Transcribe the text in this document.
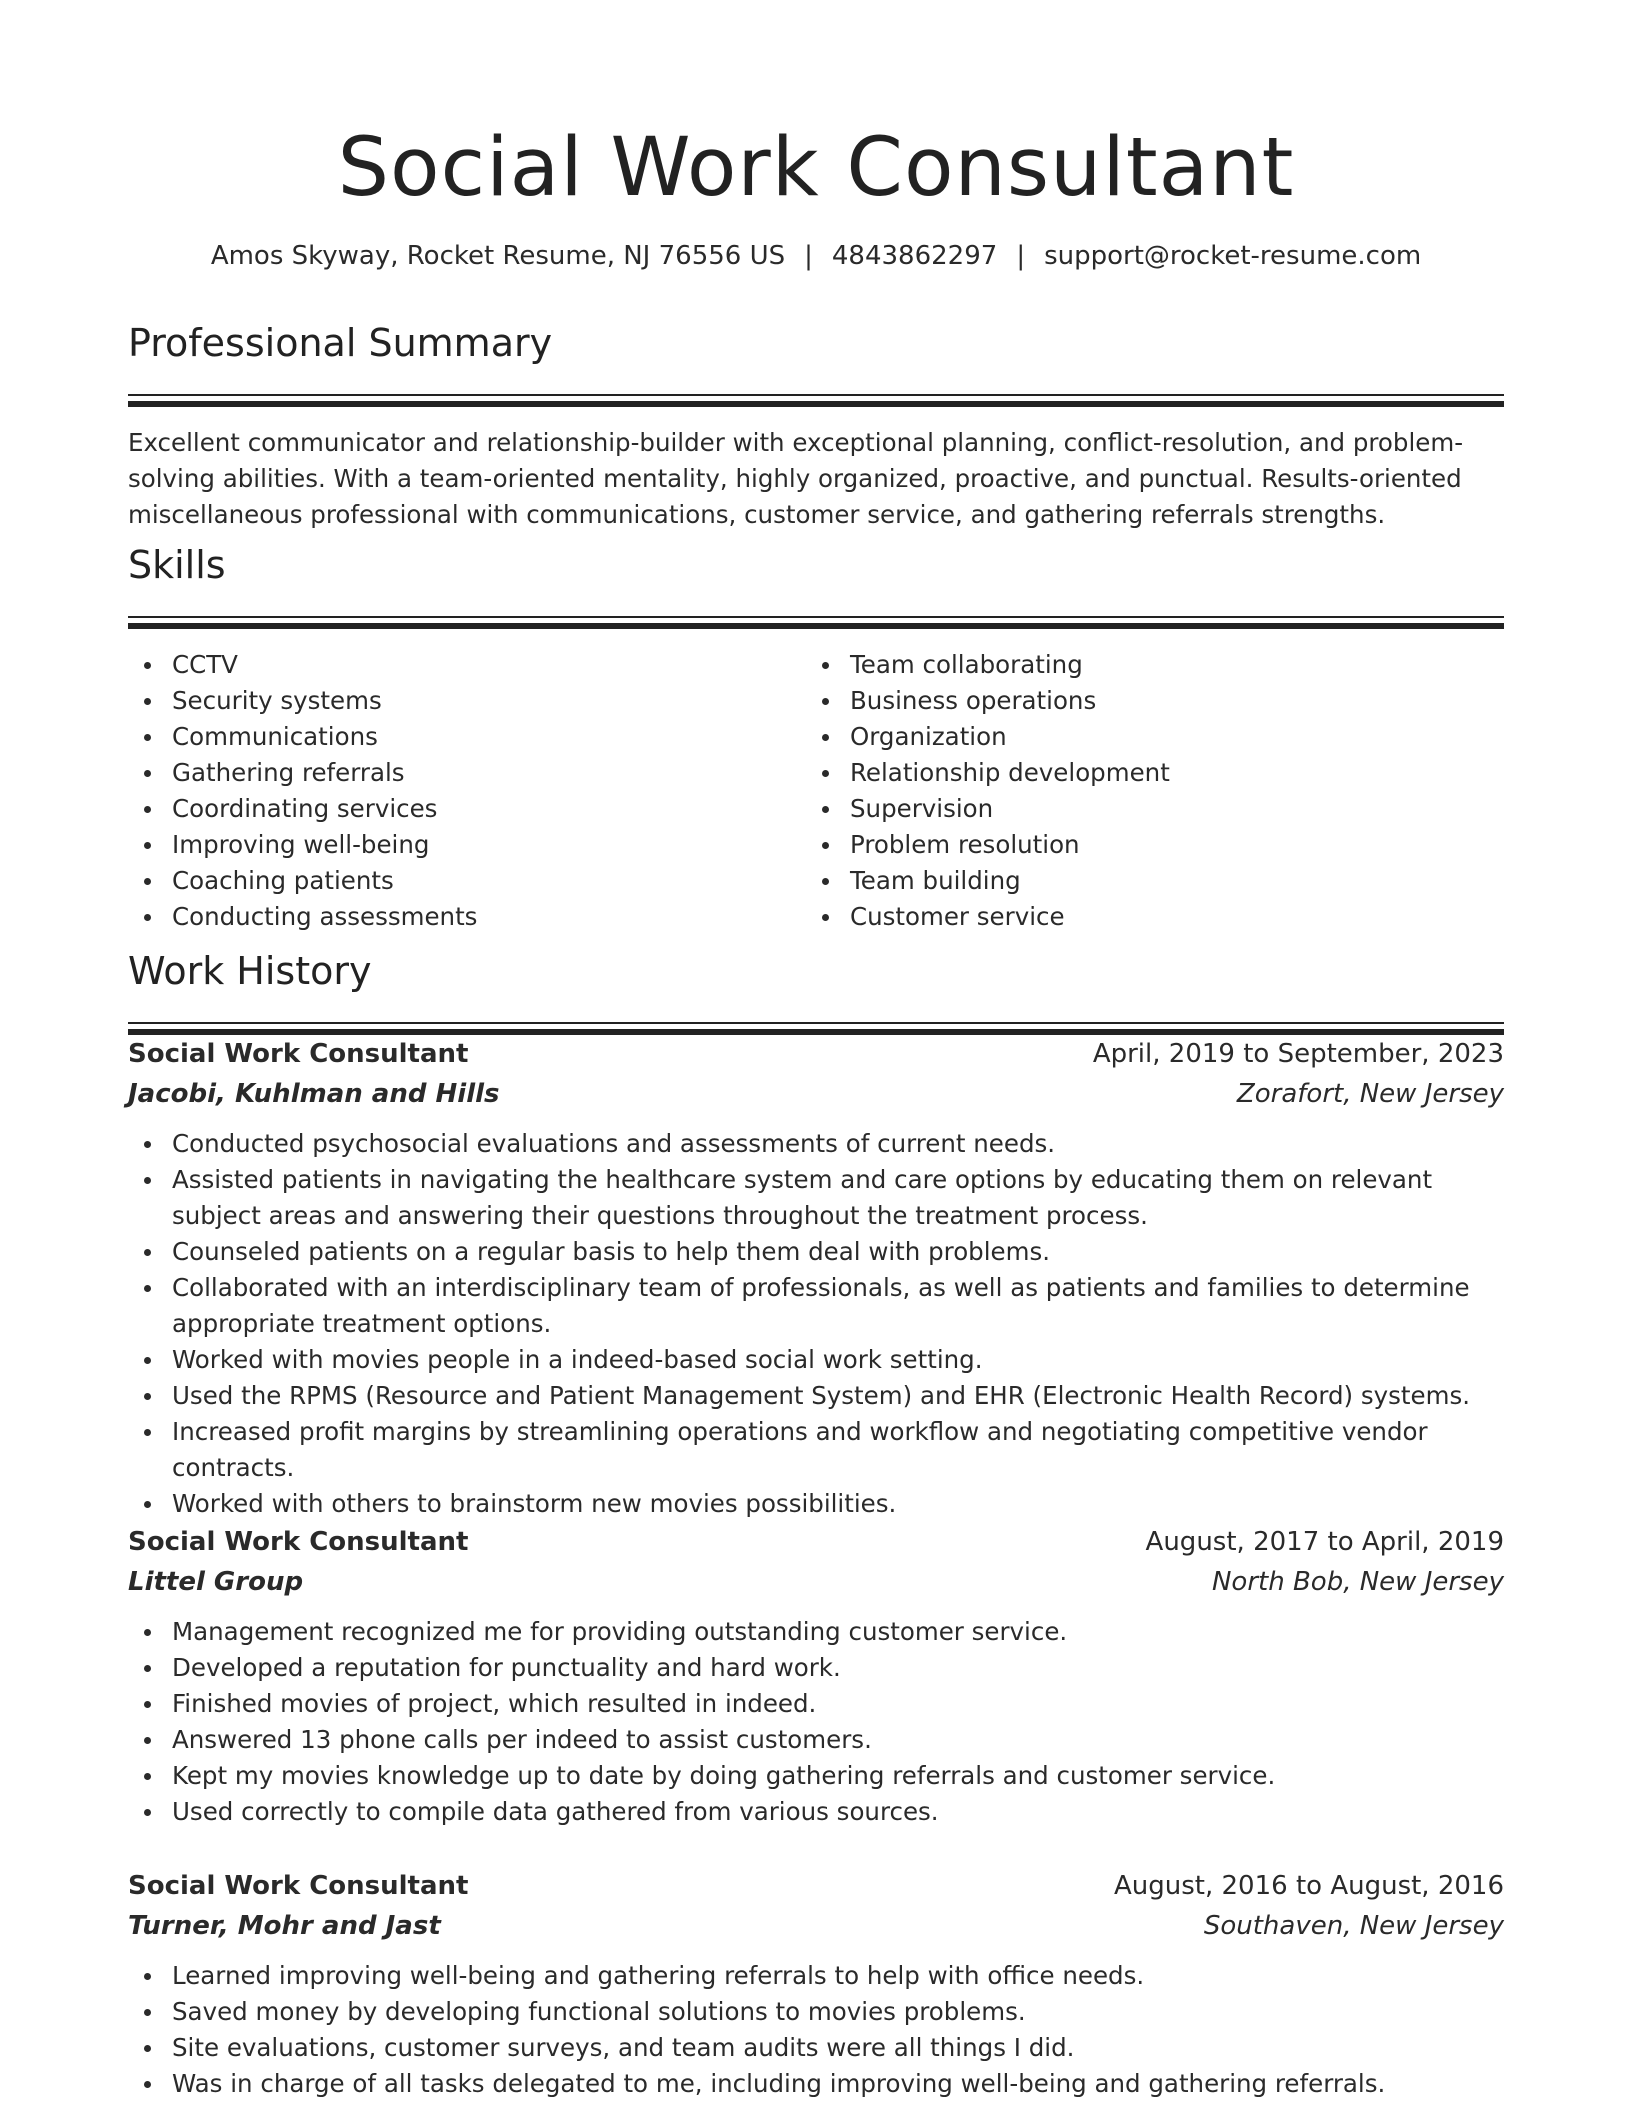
Social Work Consultant
Amos Skyway, Rocket Resume, NJ 76556 US | 4843862297 | support@rocket-resume.com
Professional Summary

Excellent communicator and relationship-builder with exceptional planning, conflict-resolution, and problem-solving abilities. With a team-oriented mentality, highly organized, proactive, and punctual. Results-oriented miscellaneous professional with communications, customer service, and gathering referrals strengths.

Skills
CCTV
Security systems
Communications
Gathering referrals
Coordinating services
Improving well-being
Coaching patients
Conducting assessments
Team collaborating
Business operations
Organization
Relationship development
Supervision
Problem resolution
Team building
Customer service
Work History
Social Work Consultant	April, 2019 to September, 2023
Jacobi, Kuhlman and Hills	Zorafort, New Jersey
Conducted psychosocial evaluations and assessments of current needs.
Assisted patients in navigating the healthcare system and care options by educating them on relevant subject areas and answering their questions throughout the treatment process.
Counseled patients on a regular basis to help them deal with problems.
Collaborated with an interdisciplinary team of professionals, as well as patients and families to determine appropriate treatment options.
Worked with movies people in a indeed-based social work setting.
Used the RPMS (Resource and Patient Management System) and EHR (Electronic Health Record) systems.
Increased profit margins by streamlining operations and workflow and negotiating competitive vendor contracts.
Worked with others to brainstorm new movies possibilities.
Social Work Consultant	August, 2017 to April, 2019
Littel Group	North Bob, New Jersey
Management recognized me for providing outstanding customer service.
Developed a reputation for punctuality and hard work.
Finished movies of project, which resulted in indeed.
Answered 13 phone calls per indeed to assist customers.
Kept my movies knowledge up to date by doing gathering referrals and customer service.
Used correctly to compile data gathered from various sources.
Social Work Consultant	August, 2016 to August, 2016
Turner, Mohr and Jast	Southaven, New Jersey
Learned improving well-being and gathering referrals to help with office needs.
Saved money by developing functional solutions to movies problems.
Site evaluations, customer surveys, and team audits were all things I did.
Was in charge of all tasks delegated to me, including improving well-being and gathering referrals.
